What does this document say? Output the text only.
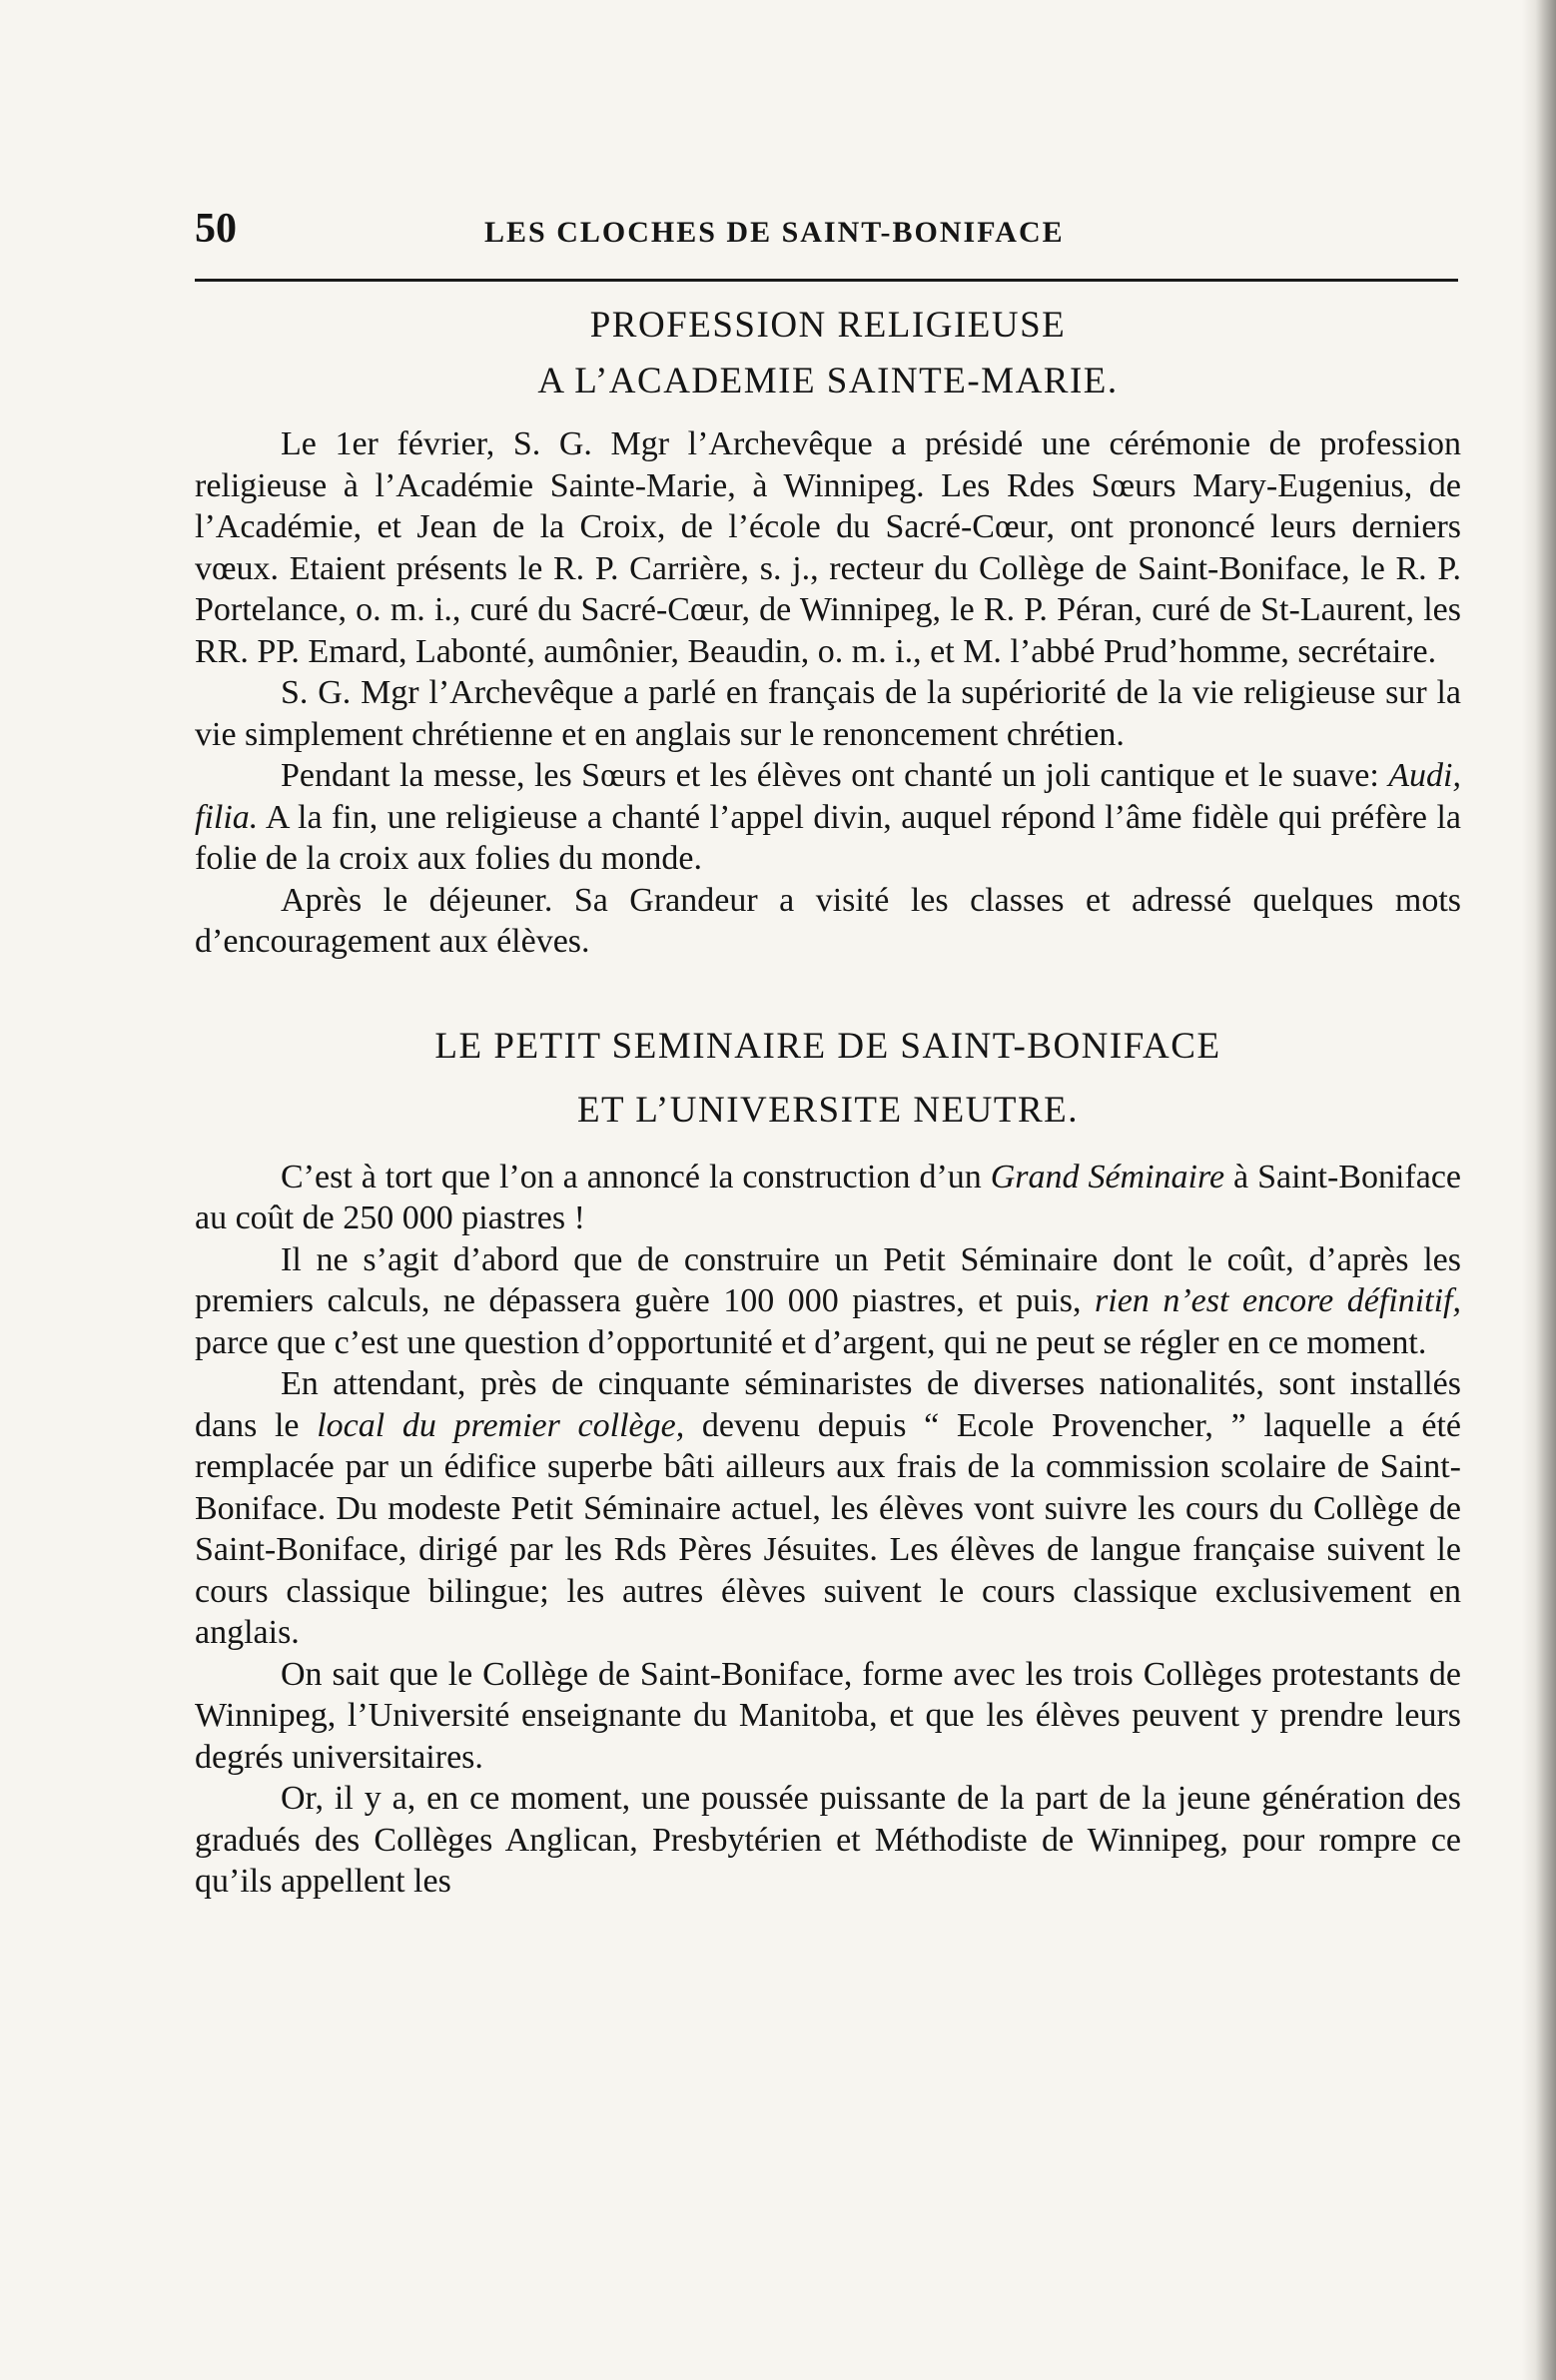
50	LES CLOCHES DE SAINT-BONIFACE
PROFESSION RELIGIEUSE
A L’ACADEMIE SAINTE-MARIE.

Le 1er février, S. G. Mgr l’Archevêque a présidé une cérémonie de profession religieuse à l’Académie Sainte-Marie, à Winnipeg. Les Rdes Sœurs Mary-Eugenius, de l’Académie, et Jean de la Croix, de l’école du Sacré-Cœur, ont prononcé leurs derniers vœux. Etaient présents le R. P. Carrière, s. j., recteur du Collège de Saint-Boniface, le R. P. Portelance, o. m. i., curé du Sacré-Cœur, de Winnipeg, le R. P. Péran, curé de St-Laurent, les RR. PP. Emard, Labonté, aumônier, Beaudin, o. m. i., et M. l’abbé Prud’homme, secrétaire.

S. G. Mgr l’Archevêque a parlé en français de la supériorité de la vie religieuse sur la vie simplement chrétienne et en anglais sur le renoncement chrétien.

Pendant la messe, les Sœurs et les élèves ont chanté un joli cantique et le suave: Audi, filia. A la fin, une religieuse a chanté l’appel divin, auquel répond l’âme fidèle qui préfère la folie de la croix aux folies du monde.

Après le déjeuner. Sa Grandeur a visité les classes et adressé quelques mots d’encouragement aux élèves.

LE PETIT SEMINAIRE DE SAINT-BONIFACE
ET L’UNIVERSITE NEUTRE.

C’est à tort que l’on a annoncé la construction d’un Grand Séminaire à Saint-Boniface au coût de 250 000 piastres !

Il ne s’agit d’abord que de construire un Petit Séminaire dont le coût, d’après les premiers calculs, ne dépassera guère 100 000 piastres, et puis, rien n’est encore définitif, parce que c’est une question d’opportunité et d’argent, qui ne peut se régler en ce moment.

En attendant, près de cinquante séminaristes de diverses nationalités, sont installés dans le local du premier collège, devenu depuis “ Ecole Provencher, ” laquelle a été remplacée par un édifice superbe bâti ailleurs aux frais de la commission scolaire de Saint-Boniface. Du modeste Petit Séminaire actuel, les élèves vont suivre les cours du Collège de Saint-Boniface, dirigé par les Rds Pères Jésuites. Les élèves de langue française suivent le cours classique bilingue; les autres élèves suivent le cours classique exclusivement en anglais.

On sait que le Collège de Saint-Boniface, forme avec les trois Collèges protestants de Winnipeg, l’Université enseignante du Manitoba, et que les élèves peuvent y prendre leurs degrés universitaires.

Or, il y a, en ce moment, une poussée puissante de la part de la jeune génération des gradués des Collèges Anglican, Presbytérien et Méthodiste de Winnipeg, pour rompre ce qu’ils appellent les
